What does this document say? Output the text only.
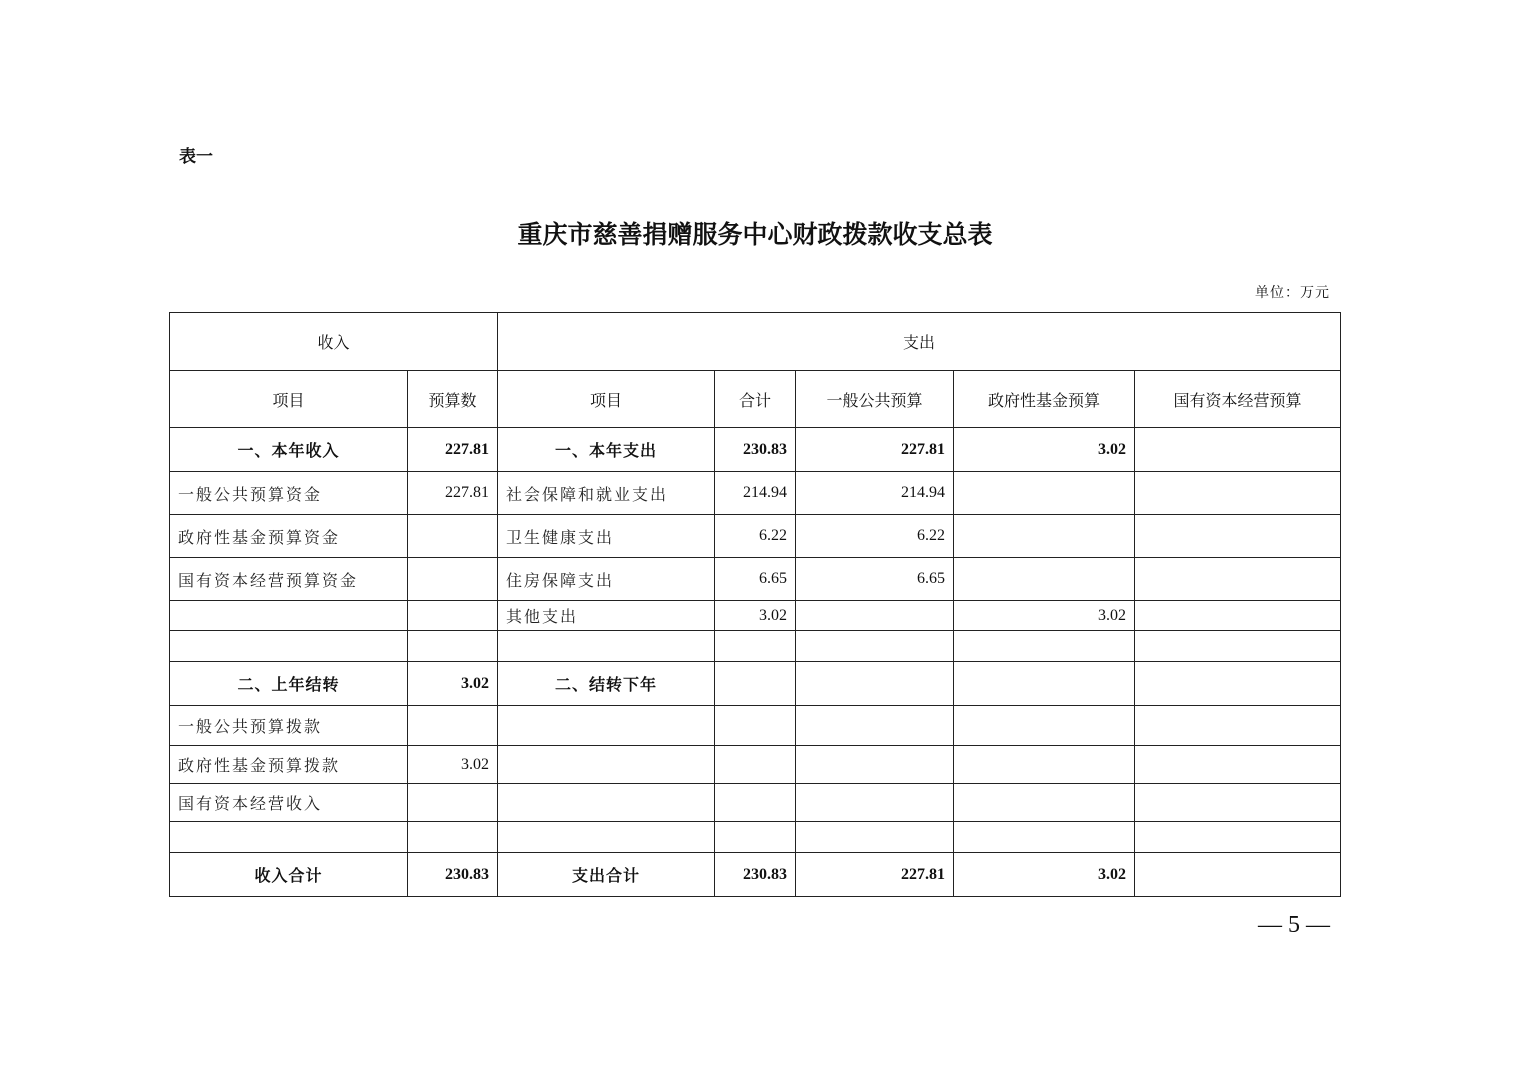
表一
重庆市慈善捐赠服务中心财政拨款收支总表
单位：万元
收入		支出				
项目	预算数	项目	合计	一般公共预算	政府性基金预算	国有资本经营预算
一、本年收入	227.81	一、本年支出	230.83	227.81	3.02	
一般公共预算资金	227.81	社会保障和就业支出	214.94	214.94		
政府性基金预算资金		卫生健康支出	6.22	6.22		
国有资本经营预算资金		住房保障支出	6.65	6.65		
		其他支出	3.02		3.02	

二、上年结转	3.02	二、结转下年				
一般公共预算拨款						
政府性基金预算拨款	3.02					
国有资本经营收入						

收入合计	230.83	支出合计	230.83	227.81	3.02	
— 5 —
